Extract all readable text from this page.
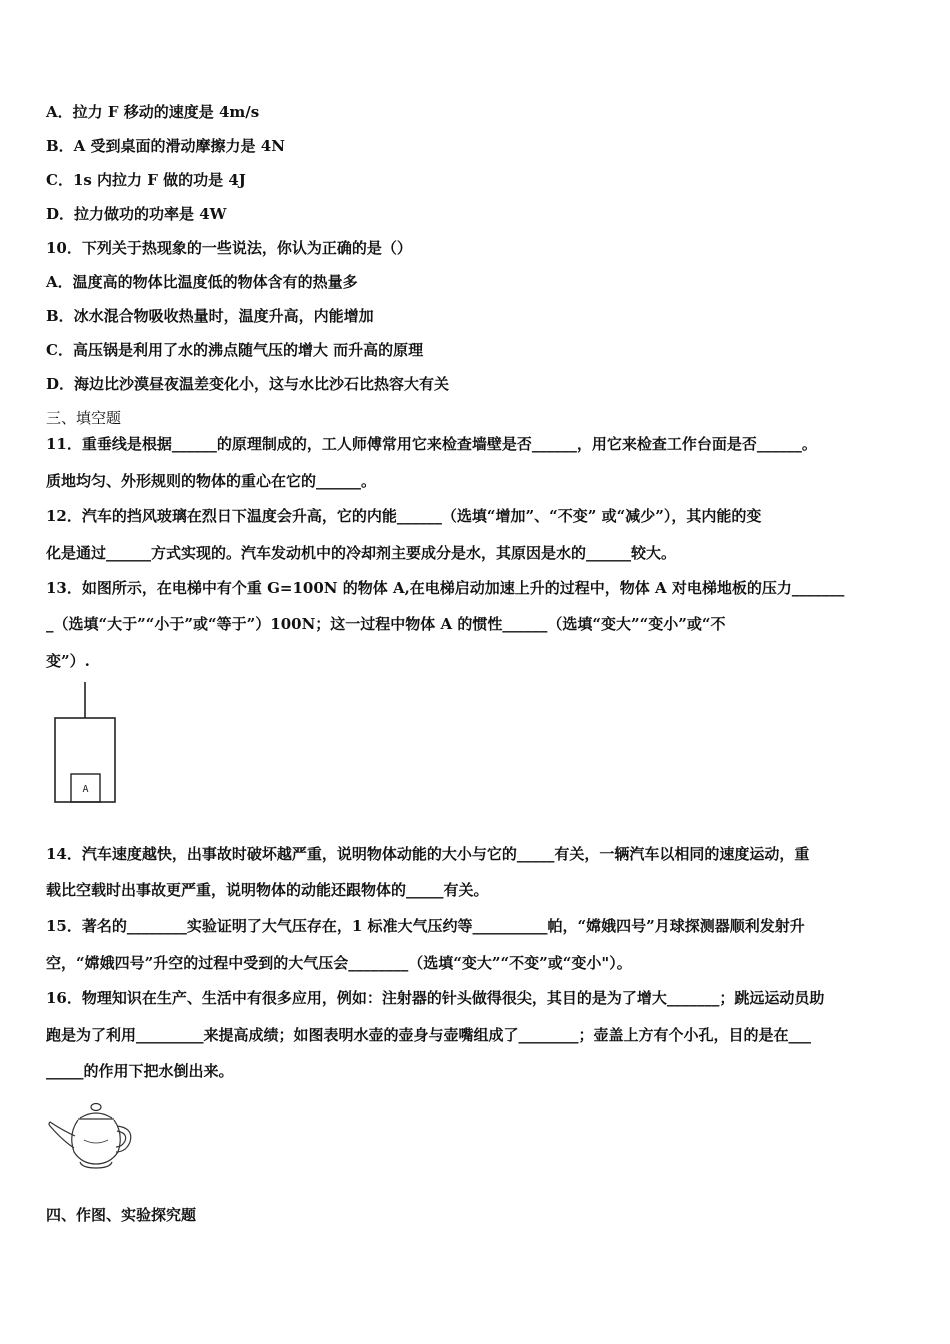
A．拉力 F 移动的速度是 4m/s
B．A 受到桌面的滑动摩擦力是 4N
C．1s 内拉力 F 做的功是 4J
D．拉力做功的功率是 4W
10．下列关于热现象的一些说法，你认为正确的是（）
A．温度高的物体比温度低的物体含有的热量多
B．冰水混合物吸收热量时，温度升高，内能增加
C．高压锅是利用了水的沸点随气压的增大 而升高的原理
D．海边比沙漠昼夜温差变化小，这与水比沙石比热容大有关
三、填空题
11．重垂线是根据______的原理制成的，工人师傅常用它来检查墙壁是否______，用它来检查工作台面是否______。
质地均匀、外形规则的物体的重心在它的______。
12．汽车的挡风玻璃在烈日下温度会升高，它的内能______（选填“增加”、“不变” 或“减少”），其内能的变
化是通过______方式实现的。汽车发动机中的冷却剂主要成分是水，其原因是水的______较大。
13．如图所示，在电梯中有个重 G=100N 的物体 A,在电梯启动加速上升的过程中，物体 A 对电梯地板的压力_______
_（选填“大于”“小于”或“等于”）100N；这一过程中物体 A 的惯性______（选填“变大”“变小”或“不
变”）.
A
14．汽车速度越快，出事故时破坏越严重，说明物体动能的大小与它的_____有关，一辆汽车以相同的速度运动，重
载比空载时出事故更严重，说明物体的动能还跟物体的_____有关。
15．著名的________实验证明了大气压存在，1 标准大气压约等__________帕，“嫦娥四号”月球探测器顺利发射升
空，“嫦娥四号”升空的过程中受到的大气压会________（选填“变大”“不变”或“变小"）。
16．物理知识在生产、生活中有很多应用，例如：注射器的针头做得很尖，其目的是为了增大_______；跳远运动员助
跑是为了利用_________来提高成绩；如图表明水壶的壶身与壶嘴组成了________；壶盖上方有个小孔，目的是在___
_____的作用下把水倒出来。
四、作图、实验探究题
